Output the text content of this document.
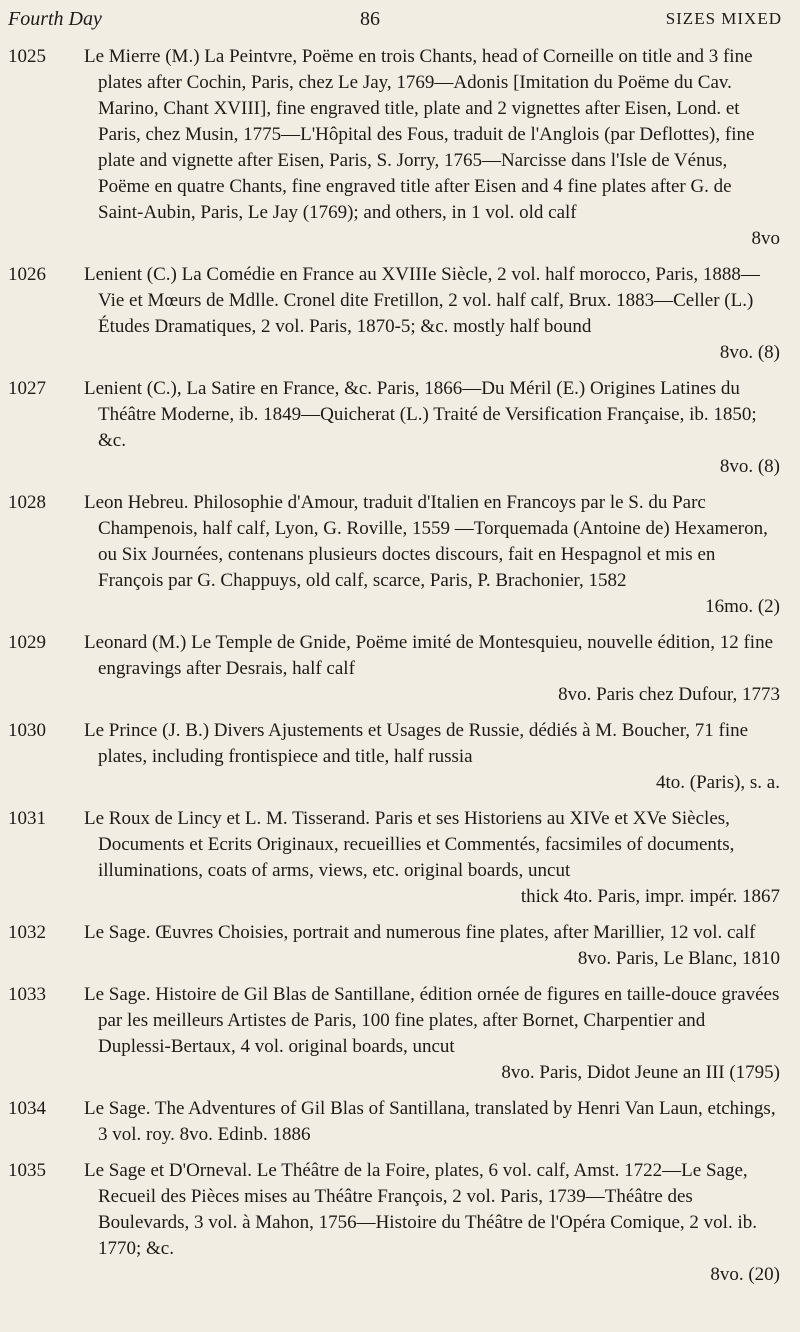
Fourth Day	86	SIZES MIXED
1025	Le Mierre (M.) La Peintvre, Poëme en trois Chants, head of Corneille on title and 3 fine plates after Cochin, Paris, chez Le Jay, 1769—Adonis [Imitation du Poëme du Cav. Marino, Chant XVIII], fine engraved title, plate and 2 vignettes after Eisen, Lond. et Paris, chez Musin, 1775—L'Hôpital des Fous, traduit de l'Anglois (par Deflottes), fine plate and vignette after Eisen, Paris, S. Jorry, 1765—Narcisse dans l'Isle de Vénus, Poëme en quatre Chants, fine engraved title after Eisen and 4 fine plates after G. de Saint-Aubin, Paris, Le Jay (1769); and others, in 1 vol. old calf
8vo
1026	Lenient (C.) La Comédie en France au XVIIIe Siècle, 2 vol. half morocco, Paris, 1888—Vie et Mœurs de Mdlle. Cronel dite Fretillon, 2 vol. half calf, Brux. 1883—Celler (L.) Études Dramatiques, 2 vol. Paris, 1870-5; &c. mostly half bound
8vo. (8)
1027	Lenient (C.), La Satire en France, &c. Paris, 1866—Du Méril (E.) Origines Latines du Théâtre Moderne, ib. 1849—Quicherat (L.) Traité de Versification Française, ib. 1850; &c.
8vo. (8)
1028	Leon Hebreu. Philosophie d'Amour, traduit d'Italien en Francoys par le S. du Parc Champenois, half calf, Lyon, G. Roville, 1559 —Torquemada (Antoine de) Hexameron, ou Six Journées, contenans plusieurs doctes discours, fait en Hespagnol et mis en François par G. Chappuys, old calf, scarce, Paris, P. Brachonier, 1582
16mo. (2)
1029	Leonard (M.) Le Temple de Gnide, Poëme imité de Montesquieu, nouvelle édition, 12 fine engravings after Desrais, half calf
8vo. Paris chez Dufour, 1773
1030	Le Prince (J. B.) Divers Ajustements et Usages de Russie, dédiés à M. Boucher, 71 fine plates, including frontispiece and title, half russia
4to. (Paris), s. a.
1031	Le Roux de Lincy et L. M. Tisserand. Paris et ses Historiens au XIVe et XVe Siècles, Documents et Ecrits Originaux, recueillies et Commentés, facsimiles of documents, illuminations, coats of arms, views, etc. original boards, uncut
thick 4to. Paris, impr. impér. 1867
1032	Le Sage. Œuvres Choisies, portrait and numerous fine plates, after Marillier, 12 vol. calf
8vo. Paris, Le Blanc, 1810
1033	Le Sage. Histoire de Gil Blas de Santillane, édition ornée de figures en taille-douce gravées par les meilleurs Artistes de Paris, 100 fine plates, after Bornet, Charpentier and Duplessi-Bertaux, 4 vol. original boards, uncut
8vo. Paris, Didot Jeune an III (1795)
1034	Le Sage. The Adventures of Gil Blas of Santillana, translated by Henri Van Laun, etchings, 3 vol. roy. 8vo. Edinb. 1886
1035	Le Sage et D'Orneval. Le Théâtre de la Foire, plates, 6 vol. calf, Amst. 1722—Le Sage, Recueil des Pièces mises au Théâtre François, 2 vol. Paris, 1739—Théâtre des Boulevards, 3 vol. à Mahon, 1756—Histoire du Théâtre de l'Opéra Comique, 2 vol. ib. 1770; &c.
8vo. (20)
